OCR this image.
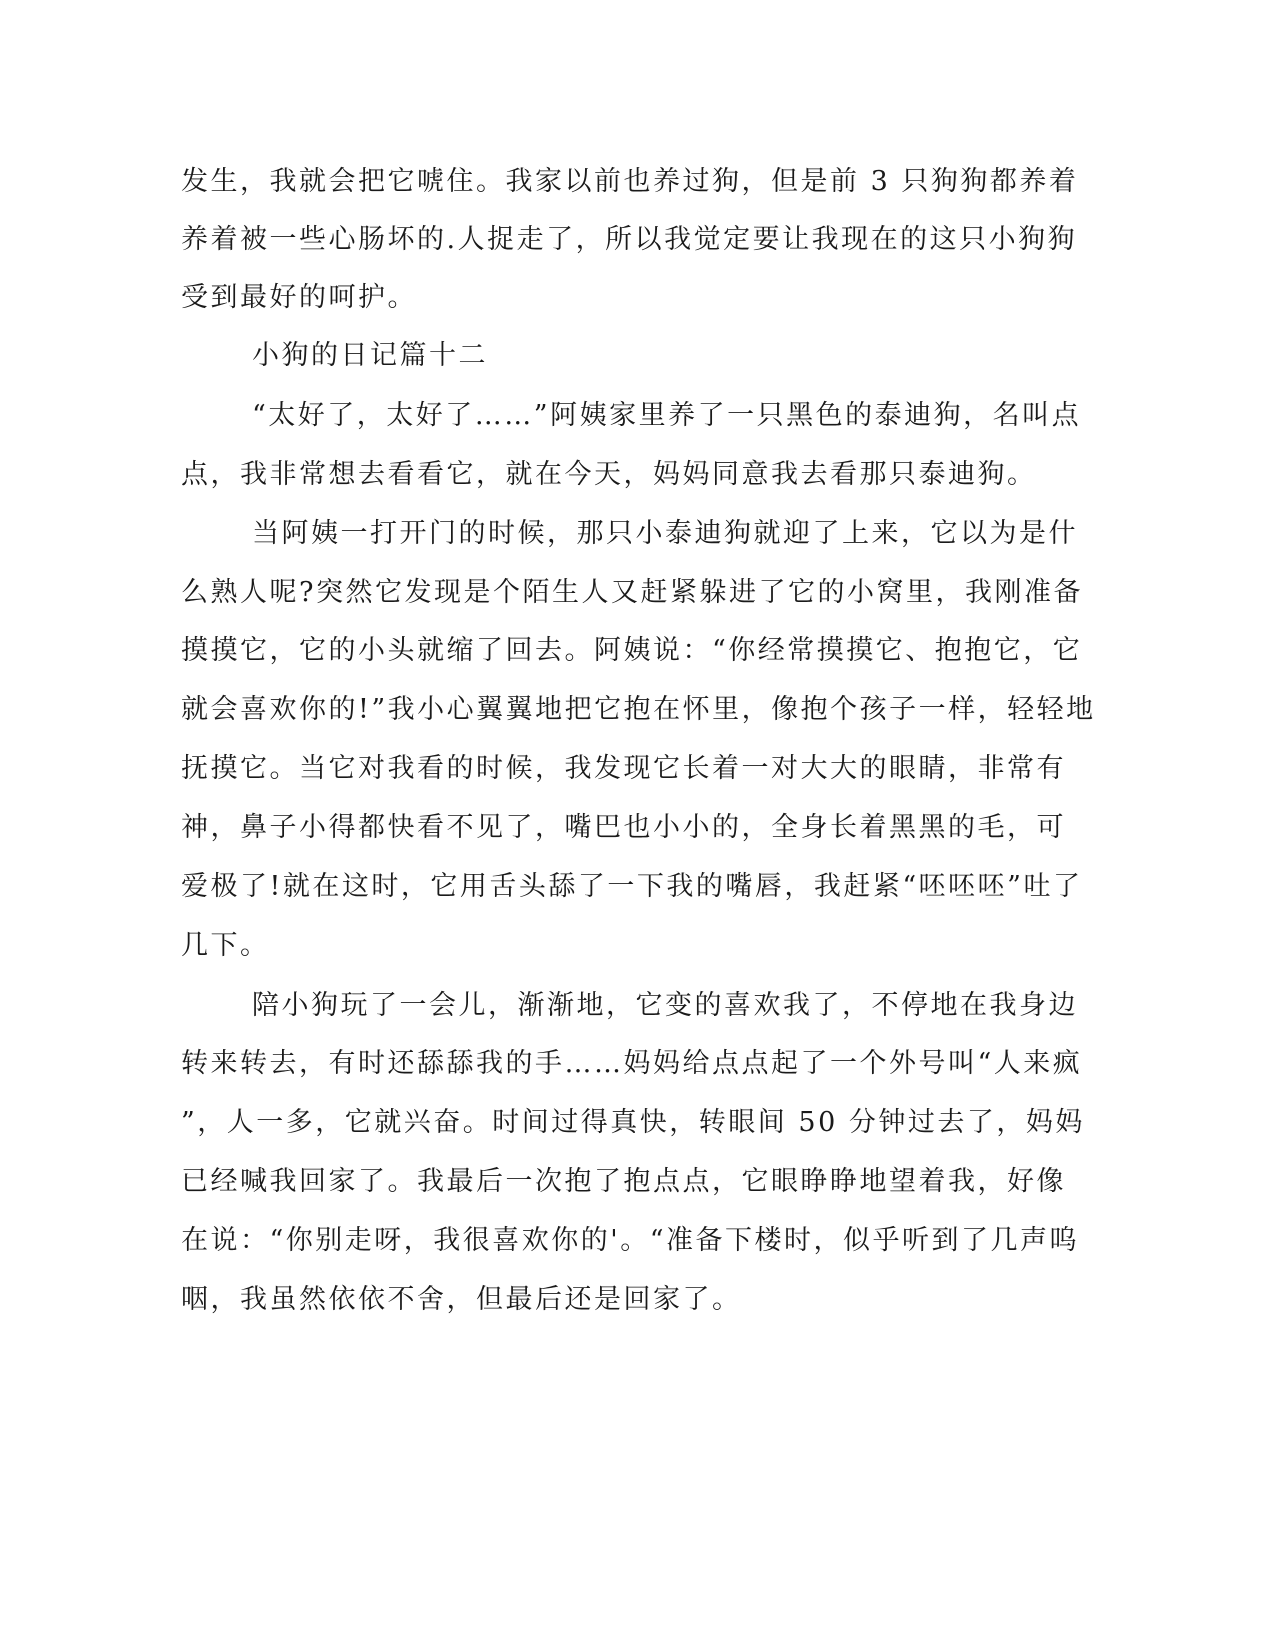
发生，我就会把它唬住。我家以前也养过狗，但是前 3 只狗狗都养着
养着被一些心肠坏的.人捉走了，所以我觉定要让我现在的这只小狗狗
受到最好的呵护。
小狗的日记篇十二
“太好了，太好了……”阿姨家里养了一只黑色的泰迪狗，名叫点
点，我非常想去看看它，就在今天，妈妈同意我去看那只泰迪狗。
当阿姨一打开门的时候，那只小泰迪狗就迎了上来，它以为是什
么熟人呢?突然它发现是个陌生人又赶紧躲进了它的小窝里，我刚准备
摸摸它，它的小头就缩了回去。阿姨说：“你经常摸摸它、抱抱它，它
就会喜欢你的!”我小心翼翼地把它抱在怀里，像抱个孩子一样，轻轻地
抚摸它。当它对我看的时候，我发现它长着一对大大的眼睛，非常有
神，鼻子小得都快看不见了，嘴巴也小小的，全身长着黑黑的毛，可
爱极了!就在这时，它用舌头舔了一下我的嘴唇，我赶紧“呸呸呸”吐了
几下。
陪小狗玩了一会儿，渐渐地，它变的喜欢我了，不停地在我身边
转来转去，有时还舔舔我的手……妈妈给点点起了一个外号叫“人来疯
”，人一多，它就兴奋。时间过得真快，转眼间 50 分钟过去了，妈妈
已经喊我回家了。我最后一次抱了抱点点，它眼睁睁地望着我，好像
在说：“你别走呀，我很喜欢你的'。“准备下楼时，似乎听到了几声呜
咽，我虽然依依不舍，但最后还是回家了。
